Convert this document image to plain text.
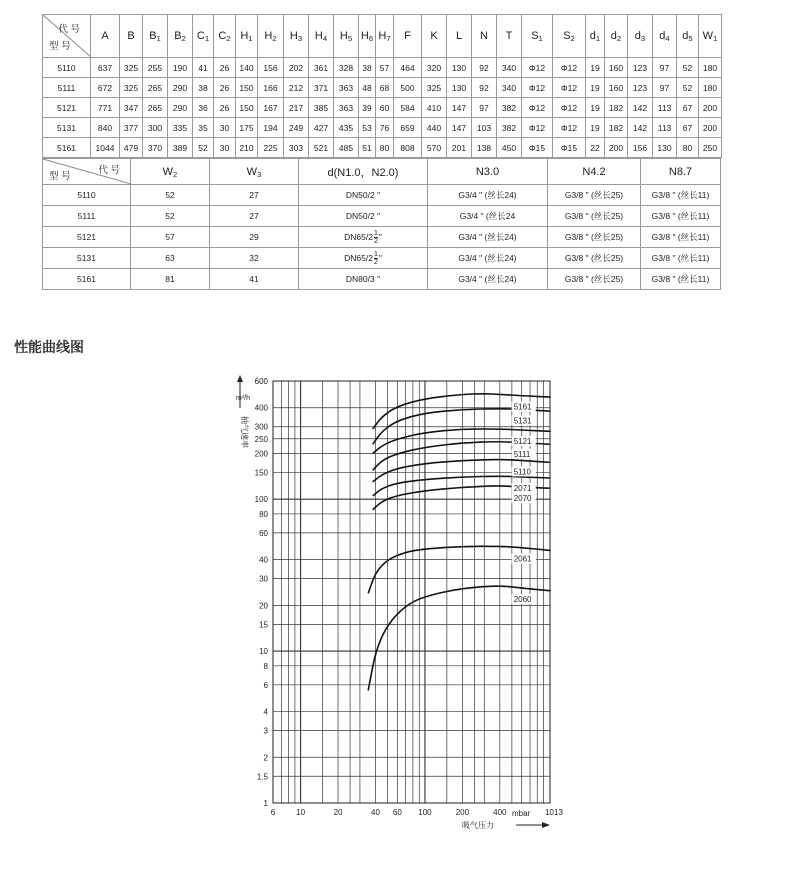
代 号
型 号	A	B	$B_1$	$B_2$	$C_1$	$C_2$	$H_1$	$H_2$	$H_3$	$H_4$	$H_5$	$H_6$	$H_7$	F	K	L	N	T	$S_1$	$S_2$	$d_1$	$d_2$	$d_3$	$d_4$	$d_5$	$W_1$
5110	637	325	255	190	41	26	140	156	202	361	328	38	57	464	320	130	92	340	Φ12	Φ12	19	160	123	97	52	180
5111	672	325	265	290	38	26	150	166	212	371	363	48	68	500	325	130	92	340	Φ12	Φ12	19	160	123	97	52	180
5121	771	347	265	290	36	26	150	167	217	385	363	39	60	584	410	147	97	382	Φ12	Φ12	19	182	142	113	67	200
5131	840	377	300	335	35	30	175	194	249	427	435	53	76	659	440	147	103	382	Φ12	Φ12	19	182	142	113	67	200
5161	1044	479	370	389	52	30	210	225	303	521	485	51	80	808	570	201	138	450	Φ15	Φ15	22	200	156	130	80	250
代 号
型 号	$W_2$	$W_3$	d(N1.0，N2.0)	N3.0	N4.2	N8.7
5110	52	27	DN50/2 "	G3/4 " (丝长24)	G3/8 " (丝长25)	G3/8 " (丝长11)
5111	52	27	DN50/2 "	G3/4 " (丝长24	G3/8 " (丝长25)	G3/8 " (丝长11)
5121	57	29	$DN65/2 \frac{1}{2}$ "	G3/4 " (丝长24)	G3/8 " (丝长25)	G3/8 " (丝长11)
5131	63	32	$DN65/2 \frac{1}{2}$ "	G3/4 " (丝长24)	G3/8 " (丝长25)	G3/8 " (丝长11)
5161	81	41	DN80/3 "	G3/4 " (丝长24)	G3/8 " (丝长25)	G3/8 " (丝长11)
性能曲线图
600
400
300
200
250
150
100
80
60
40
30
20
15
10
8
6
4
3
2
1.5
1
6	10	20	40 60 100	200	400	1013
5161
5131
5121
5111
5110
2071
2070
2061
2060
m³/h
抽气速率
mbar
吸气压力
